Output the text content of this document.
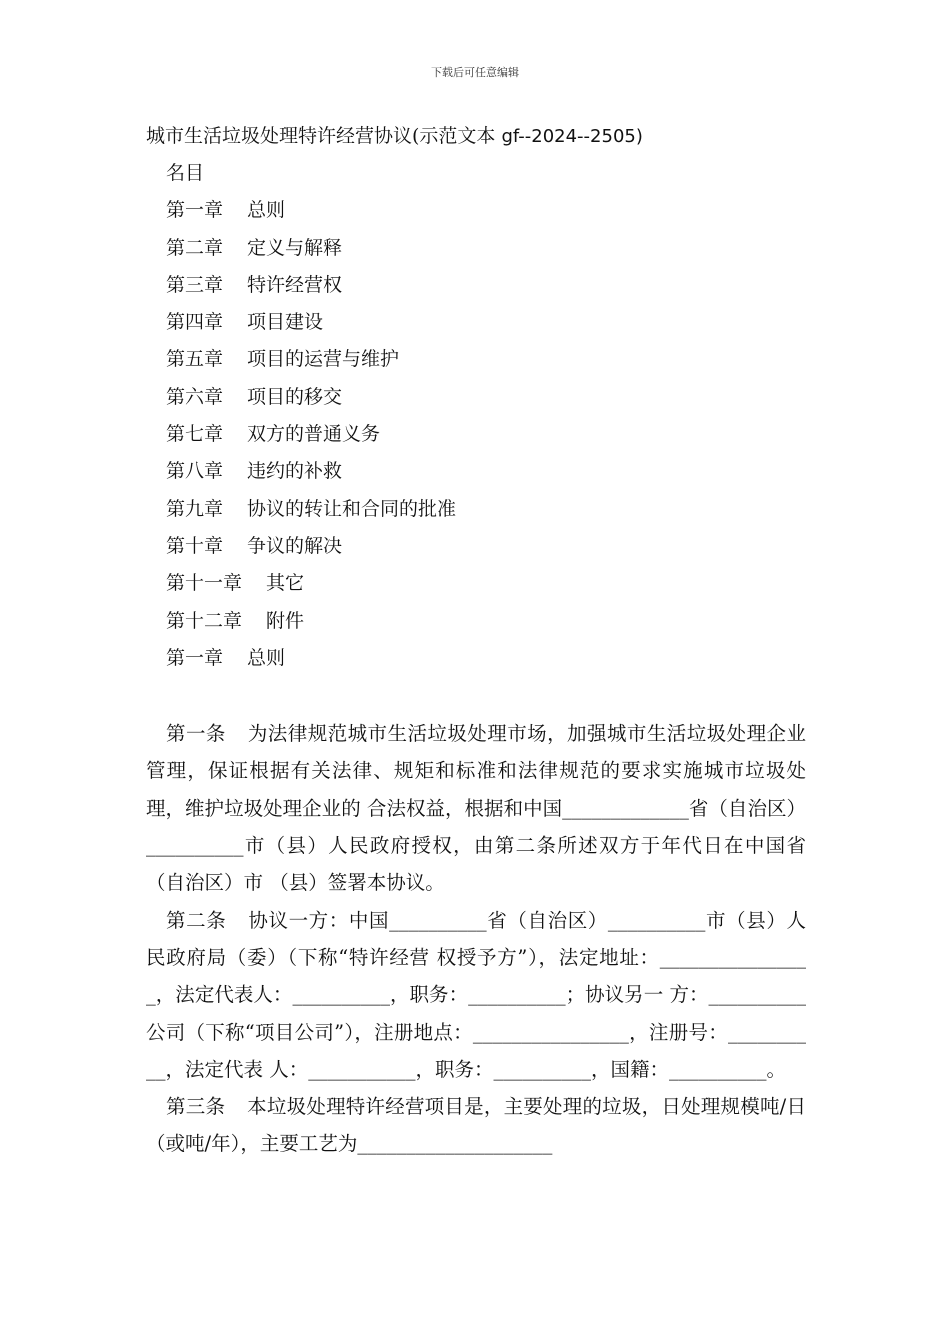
下载后可任意编辑
城市生活垃圾处理特许经营协议(示范文本 gf--2024--2505)
名目
第一章 总则
第二章 定义与解释
第三章 特许经营权
第四章 项目建设
第五章 项目的运营与维护
第六章 项目的移交
第七章 双方的普通义务
第八章 违约的补救
第九章 协议的转让和合同的批准
第十章 争议的解决
第十一章 其它
第十二章 附件
第一章 总则

第一条 为法律规范城市生活垃圾处理市场，加强城市生活垃圾处理企业管理，保证根据有关法律、规矩和标准和法律规范的要求实施城市垃圾处理，维护垃圾处理企业的 合法权益，根据和中国_____________省（自治区）__________市（县）人民政府授权，由第二条所述双方于年代日在中国省（自治区）市 （县）签署本协议。

第二条 协议一方：中国__________省（自治区）__________市（县）人民政府局（委）（下称“特许经营 权授予方”），法定地址：________________，法定代表人：__________，职务：__________；协议另一 方：__________公司（下称“项目公司”），注册地点：________________，注册号：__________，法定代表 人：___________，职务：__________，国籍：__________。

第三条 本垃圾处理特许经营项目是，主要处理的垃圾，日处理规模吨/日（或吨/年），主要工艺为____________________
